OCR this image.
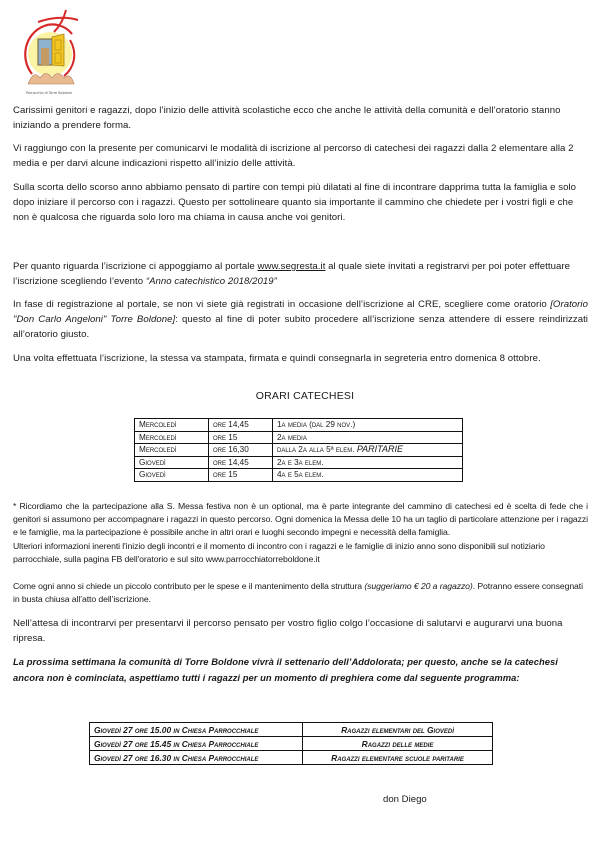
Parrocchia di Torre Boldone

Carissimi genitori e ragazzi, dopo l’inizio delle attività scolastiche ecco che anche le attività della comunità e dell’oratorio stanno iniziando a prendere forma.

Vi raggiungo con la presente per comunicarvi le modalità di iscrizione al percorso di catechesi dei ragazzi dalla 2 elementare alla 2 media e per darvi alcune indicazioni rispetto all’inizio delle attività.

Sulla scorta dello scorso anno abbiamo pensato di partire con tempi più dilatati al fine di incontrare dapprima tutta la famiglia e solo dopo iniziare il percorso con i ragazzi. Questo per sottolineare quanto sia importante il cammino che chiedete per i vostri figli e che non è qualcosa che riguarda solo loro ma chiama in causa anche voi genitori.

Per quanto riguarda l’iscrizione ci appoggiamo al portale www.segresta.it al quale siete invitati a registrarvi per poi poter effettuare l’iscrizione scegliendo l’evento “Anno catechistico 2018/2019”

In fase di registrazione al portale, se non vi siete già registrati in occasione dell’iscrizione al CRE, scegliere come oratorio [Oratorio "Don Carlo Angeloni" Torre Boldone]: questo al fine di poter subito procedere all’iscrizione senza attendere di essere reindirizzati all’oratorio giusto.

Una volta effettuata l’iscrizione, la stessa va stampata, firmata e quindi consegnarla in segreteria entro domenica 8 ottobre.

ORARI CATECHESI
Mercoledì	ore 14,45	1a media (dal 29 nov.)
Mercoledì	ore 15	2a media
Mercoledì	ore 16,30	dalla 2a alla 5ª elem. PARITARIE
Giovedì	ore 14,45	2a e 3a elem.
Giovedì	ore 15	4a e 5a elem.

* Ricordiamo che la partecipazione alla S. Messa festiva non è un optional, ma è parte integrante del cammino di catechesi ed è scelta di fede che i genitori si assumono per accompagnare i ragazzi in questo percorso. Ogni domenica la Messa delle 10 ha un taglio di particolare attenzione per i ragazzi e le famiglie, ma la partecipazione è possibile anche in altri orari e luoghi secondo impegni e necessità della famiglia.

Ulteriori informazioni inerenti l'inizio degli incontri e il momento di incontro con i ragazzi e le famiglie di inizio anno sono disponibili sul notiziario parrocchiale, sulla pagina FB dell'oratorio e sul sito www.parrocchiatorreboldone.it

Come ogni anno si chiede un piccolo contributo per le spese e il mantenimento della struttura (suggeriamo € 20 a ragazzo). Potranno essere consegnati in busta chiusa all’atto dell’iscrizione.

Nell’attesa di incontrarvi per presentarvi il percorso pensato per vostro figlio colgo l’occasione di salutarvi e augurarvi una buona ripresa.

La prossima settimana la comunità di Torre Boldone vivrà il settenario dell’Addolorata; per questo, anche se la catechesi ancora non è cominciata, aspettiamo tutti i ragazzi per un momento di preghiera come dal seguente programma:

Giovedì 27 ore 15.00 in Chiesa Parrocchiale	Ragazzi elementari del Giovedì
Giovedì 27 ore 15.45 in Chiesa Parrocchiale	Ragazzi delle medie
Giovedì 27 ore 16.30 in Chiesa Parrocchiale	Ragazzi elementare scuole paritarie
don Diego
